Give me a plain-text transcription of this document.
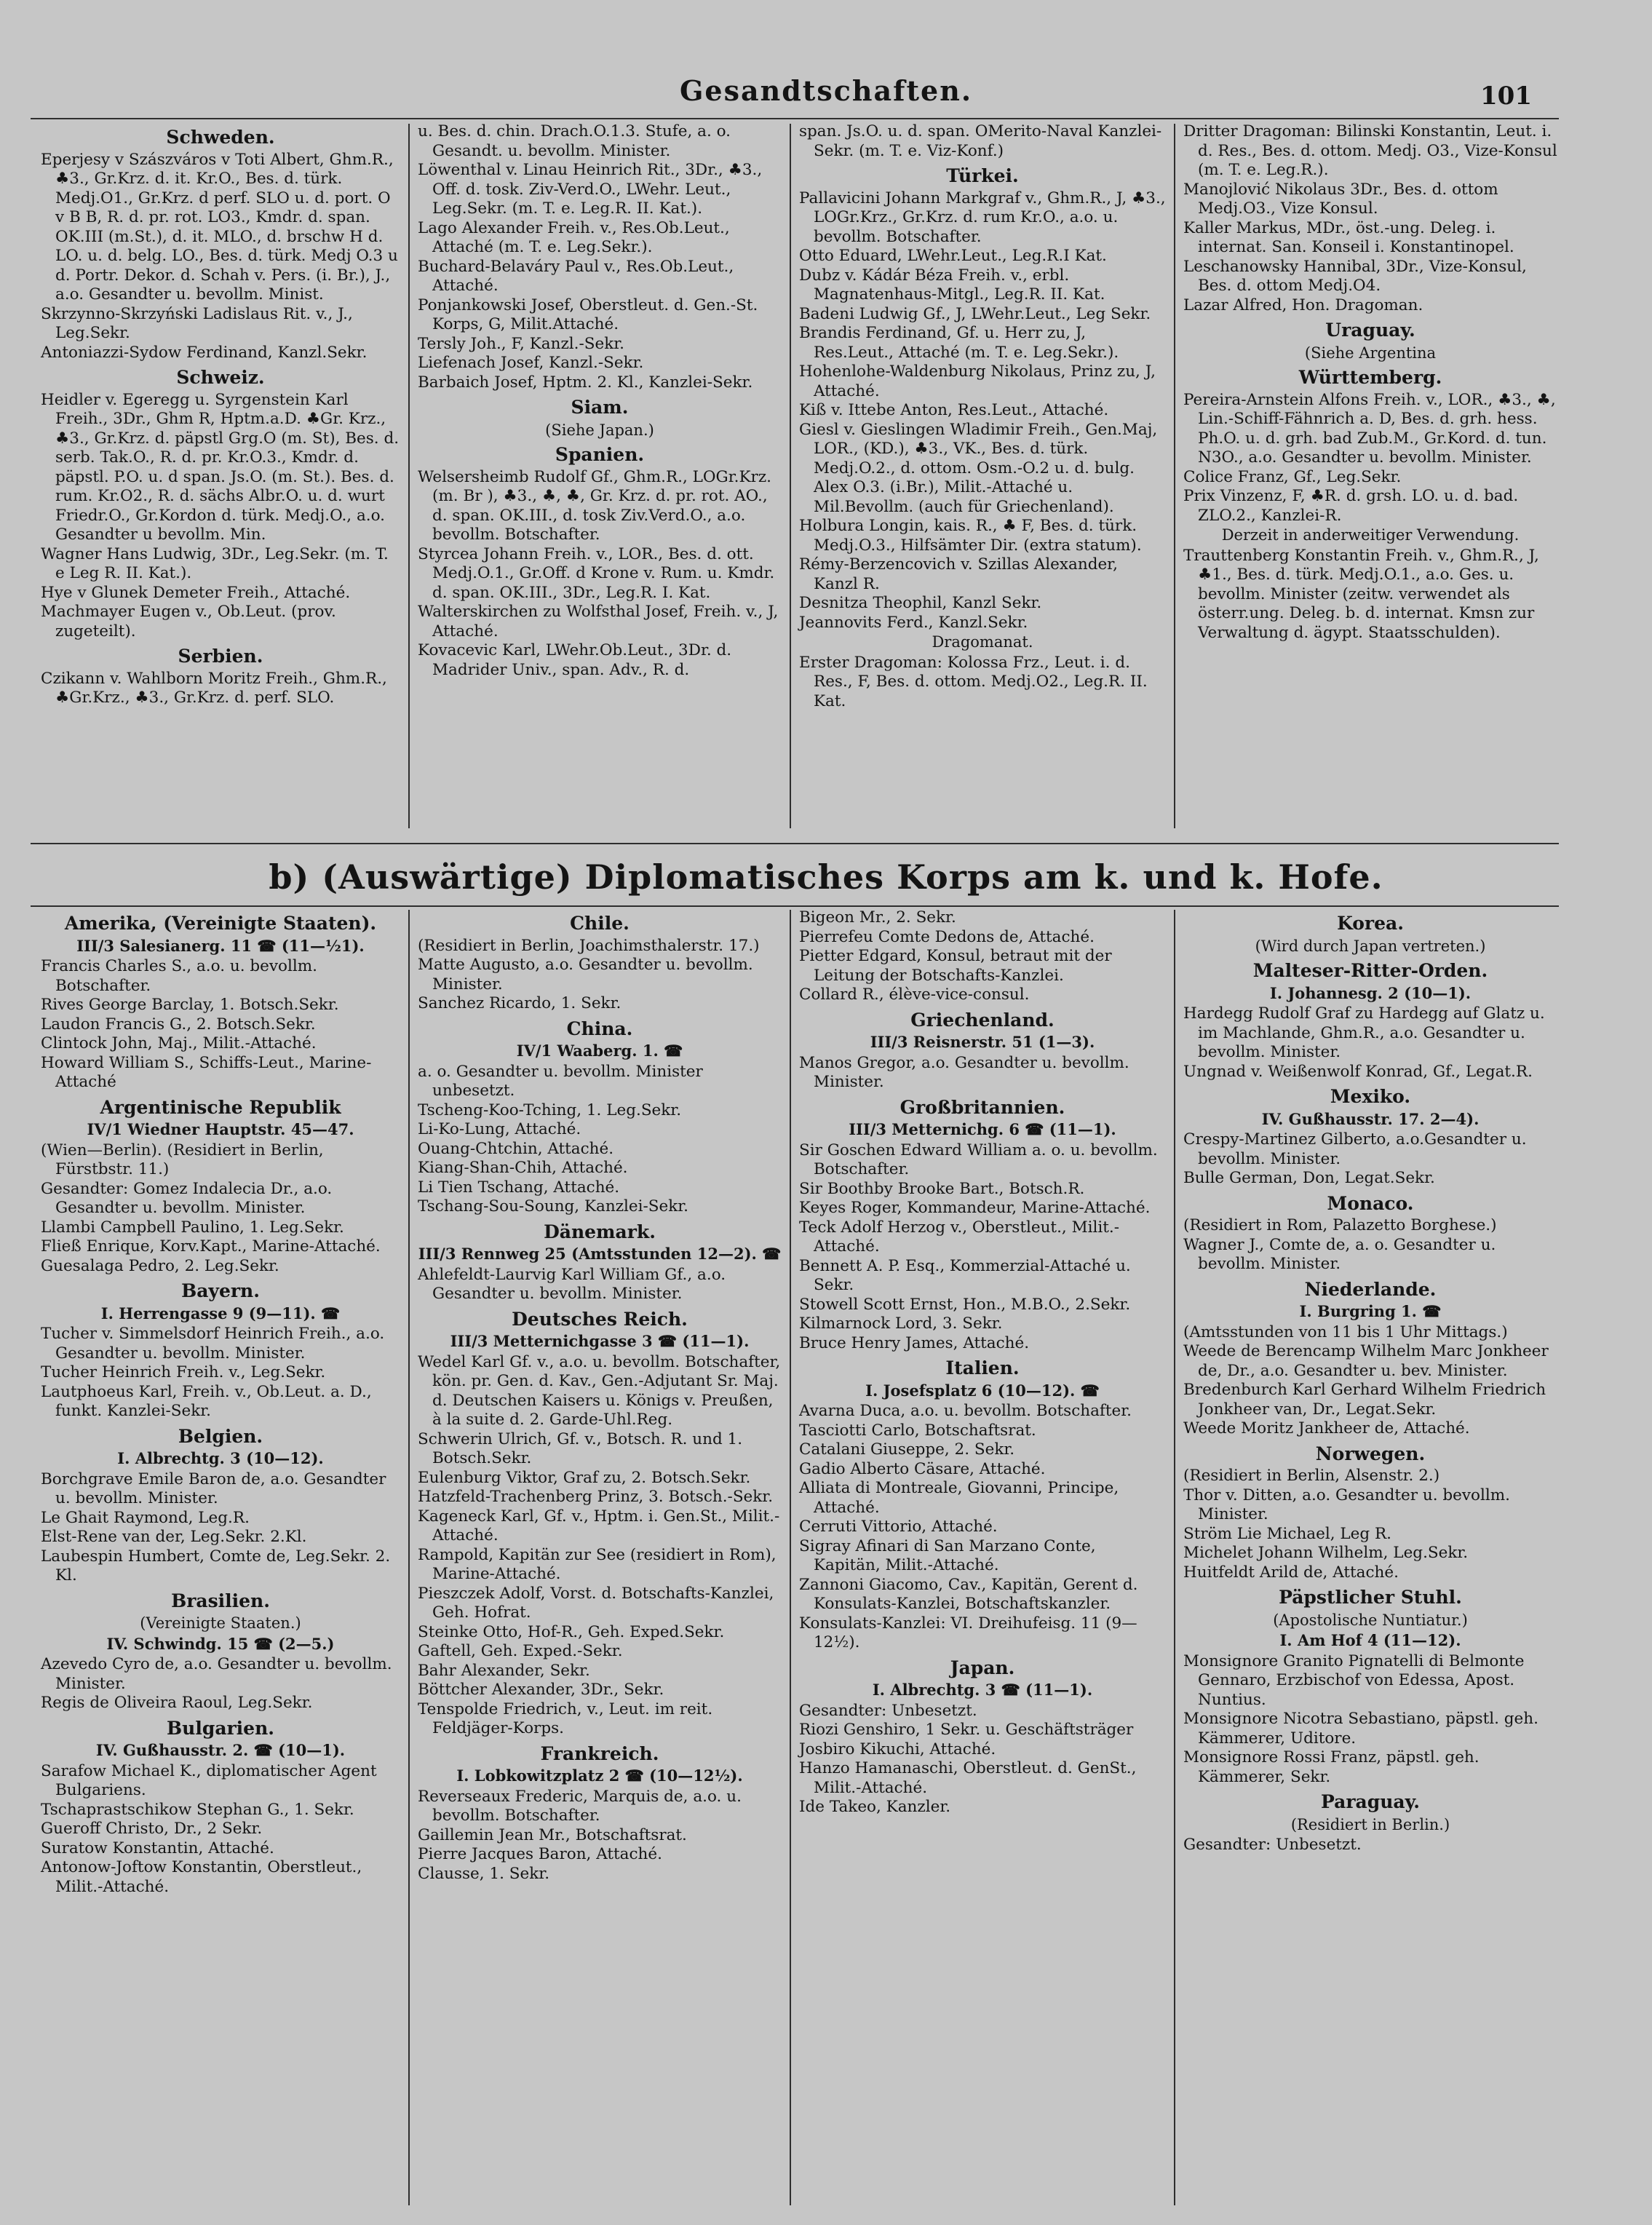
Gesandtschaften.	101
Schweden.
Eperjesy v Szászváros v Toti Albert, Ghm.R., ♣3., Gr.Krz. d. it. Kr.O., Bes. d. türk. Medj.O1., Gr.Krz. d perf. SLO u. d. port. O v B B, R. d. pr. rot. LO3., Kmdr. d. span. OK.III (m.St.), d. it. MLO., d. brschw H d. LO. u. d. belg. LO., Bes. d. türk. Medj O.3 u d. Portr. Dekor. d. Schah v. Pers. (i. Br.), J., a.o. Gesandter u. bevollm. Minist.
Skrzynno-Skrzyński Ladislaus Rit. v., J., Leg.Sekr.
Antoniazzi-Sydow Ferdinand, Kanzl.Sekr.
Schweiz.
Heidler v. Egeregg u. Syrgenstein Karl Freih., 3Dr., Ghm R, Hptm.a.D. ♣Gr. Krz., ♣3., Gr.Krz. d. päpstl Grg.O (m. St), Bes. d. serb. Tak.O., R. d. pr. Kr.O.3., Kmdr. d. päpstl. P.O. u. d span. Js.O. (m. St.). Bes. d. rum. Kr.O2., R. d. sächs Albr.O. u. d. wurt Friedr.O., Gr.Kordon d. türk. Medj.O., a.o. Gesandter u bevollm. Min.
Wagner Hans Ludwig, 3Dr., Leg.Sekr. (m. T. e Leg R. II. Kat.).
Hye v Glunek Demeter Freih., Attaché.
Machmayer Eugen v., Ob.Leut. (prov. zugeteilt).
Serbien.
Czikann v. Wahlborn Moritz Freih., Ghm.R., ♣Gr.Krz., ♣3., Gr.Krz. d. perf. SLO.
u. Bes. d. chin. Drach.O.1.3. Stufe, a. o. Gesandt. u. bevollm. Minister.
Löwenthal v. Linau Heinrich Rit., 3Dr., ♣3., Off. d. tosk. Ziv-Verd.O., LWehr. Leut., Leg.Sekr. (m. T. e. Leg.R. II. Kat.).
Lago Alexander Freih. v., Res.Ob.Leut., Attaché (m. T. e. Leg.Sekr.).
Buchard-Belaváry Paul v., Res.Ob.Leut., Attaché.
Ponjankowski Josef, Oberstleut. d. Gen.-St. Korps, G, Milit.Attaché.
Tersly Joh., F, Kanzl.-Sekr.
Liefenach Josef, Kanzl.-Sekr.
Barbaich Josef, Hptm. 2. Kl., Kanzlei-Sekr.
Siam.
(Siehe Japan.)
Spanien.
Welsersheimb Rudolf Gf., Ghm.R., LOGr.Krz. (m. Br ), ♣3., ♣, ♣, Gr. Krz. d. pr. rot. AO., d. span. OK.III., d. tosk Ziv.Verd.O., a.o. bevollm. Botschafter.
Styrcea Johann Freih. v., LOR., Bes. d. ott. Medj.O.1., Gr.Off. d Krone v. Rum. u. Kmdr. d. span. OK.III., 3Dr., Leg.R. I. Kat.
Walterskirchen zu Wolfsthal Josef, Freih. v., J, Attaché.
Kovacevic Karl, LWehr.Ob.Leut., 3Dr. d. Madrider Univ., span. Adv., R. d.
span. Js.O. u. d. span. OMerito-Naval Kanzlei-Sekr. (m. T. e. Viz-Konf.)
Türkei.
Pallavicini Johann Markgraf v., Ghm.R., J, ♣3., LOGr.Krz., Gr.Krz. d. rum Kr.O., a.o. u. bevollm. Botschafter.
Otto Eduard, LWehr.Leut., Leg.R.I Kat.
Dubz v. Kádár Béza Freih. v., erbl. Magnatenhaus-Mitgl., Leg.R. II. Kat.
Badeni Ludwig Gf., J, LWehr.Leut., Leg Sekr.
Brandis Ferdinand, Gf. u. Herr zu, J, Res.Leut., Attaché (m. T. e. Leg.Sekr.).
Hohenlohe-Waldenburg Nikolaus, Prinz zu, J, Attaché.
Kiß v. Ittebe Anton, Res.Leut., Attaché.
Giesl v. Gieslingen Wladimir Freih., Gen.Maj, LOR., (KD.), ♣3., VK., Bes. d. türk. Medj.O.2., d. ottom. Osm.-O.2 u. d. bulg. Alex O.3. (i.Br.), Milit.-Attaché u. Mil.Bevollm. (auch für Griechenland).
Holbura Longin, kais. R., ♣ F, Bes. d. türk. Medj.O.3., Hilfsämter Dir. (extra statum).
Rémy-Berzencovich v. Szillas Alexander, Kanzl R.
Desnitza Theophil, Kanzl Sekr.
Jeannovits Ferd., Kanzl.Sekr.
Dragomanat.
Erster Dragoman: Kolossa Frz., Leut. i. d. Res., F, Bes. d. ottom. Medj.O2., Leg.R. II. Kat.
Dritter Dragoman: Bilinski Konstantin, Leut. i. d. Res., Bes. d. ottom. Medj. O3., Vize-Konsul (m. T. e. Leg.R.).
Manojlović Nikolaus 3Dr., Bes. d. ottom Medj.O3., Vize Konsul.
Kaller Markus, MDr., öst.-ung. Deleg. i. internat. San. Konseil i. Konstantinopel.
Leschanowsky Hannibal, 3Dr., Vize-Konsul, Bes. d. ottom Medj.O4.
Lazar Alfred, Hon. Dragoman.
Uraguay.
(Siehe Argentina
Württemberg.
Pereira-Arnstein Alfons Freih. v., LOR., ♣3., ♣, Lin.-Schiff-Fähnrich a. D, Bes. d. grh. hess. Ph.O. u. d. grh. bad Zub.M., Gr.Kord. d. tun. N3O., a.o. Gesandter u. bevollm. Minister.
Colice Franz, Gf., Leg.Sekr.
Prix Vinzenz, F, ♣R. d. grsh. LO. u. d. bad. ZLO.2., Kanzlei-R.
Derzeit in anderweitiger Verwendung.
Trauttenberg Konstantin Freih. v., Ghm.R., J, ♣1., Bes. d. türk. Medj.O.1., a.o. Ges. u. bevollm. Minister (zeitw. verwendet als österr.ung. Deleg. b. d. internat. Kmsn zur Verwaltung d. ägypt. Staatsschulden).
b) (Auswärtige) Diplomatisches Korps am k. und k. Hofe.
Amerika, (Vereinigte Staaten).
III/3 Salesianerg. 11 ☎ (11—½1).
Francis Charles S., a.o. u. bevollm. Botschafter.
Rives George Barclay, 1. Botsch.Sekr.
Laudon Francis G., 2. Botsch.Sekr.
Clintock John, Maj., Milit.-Attaché.
Howard William S., Schiffs-Leut., Marine-Attaché
Argentinische Republik
IV/1 Wiedner Hauptstr. 45—47.
(Wien—Berlin). (Residiert in Berlin, Fürstbstr. 11.)
Gesandter: Gomez Indalecia Dr., a.o. Gesandter u. bevollm. Minister.
Llambi Campbell Paulino, 1. Leg.Sekr.
Fließ Enrique, Korv.Kapt., Marine-Attaché.
Guesalaga Pedro, 2. Leg.Sekr.
Bayern.
I. Herrengasse 9 (9—11). ☎
Tucher v. Simmelsdorf Heinrich Freih., a.o. Gesandter u. bevollm. Minister.
Tucher Heinrich Freih. v., Leg.Sekr.
Lautphoeus Karl, Freih. v., Ob.Leut. a. D., funkt. Kanzlei-Sekr.
Belgien.
I. Albrechtg. 3 (10—12).
Borchgrave Emile Baron de, a.o. Gesandter u. bevollm. Minister.
Le Ghait Raymond, Leg.R.
Elst-Rene van der, Leg.Sekr. 2.Kl.
Laubespin Humbert, Comte de, Leg.Sekr. 2. Kl.
Brasilien.
(Vereinigte Staaten.)
IV. Schwindg. 15 ☎ (2—5.)
Azevedo Cyro de, a.o. Gesandter u. bevollm. Minister.
Regis de Oliveira Raoul, Leg.Sekr.
Bulgarien.
IV. Gußhausstr. 2. ☎ (10—1).
Sarafow Michael K., diplomatischer Agent Bulgariens.
Tschaprastschikow Stephan G., 1. Sekr.
Gueroff Christo, Dr., 2 Sekr.
Suratow Konstantin, Attaché.
Antonow-Joftow Konstantin, Oberstleut., Milit.-Attaché.
Chile.
(Residiert in Berlin, Joachimsthalerstr. 17.)
Matte Augusto, a.o. Gesandter u. bevollm. Minister.
Sanchez Ricardo, 1. Sekr.
China.
IV/1 Waaberg. 1. ☎
a. o. Gesandter u. bevollm. Minister unbesetzt.
Tscheng-Koo-Tching, 1. Leg.Sekr.
Li-Ko-Lung, Attaché.
Ouang-Chtchin, Attaché.
Kiang-Shan-Chih, Attaché.
Li Tien Tschang, Attaché.
Tschang-Sou-Soung, Kanzlei-Sekr.
Dänemark.
III/3 Rennweg 25 (Amtsstunden 12—2). ☎
Ahlefeldt-Laurvig Karl William Gf., a.o. Gesandter u. bevollm. Minister.
Deutsches Reich.
III/3 Metternichgasse 3 ☎ (11—1).
Wedel Karl Gf. v., a.o. u. bevollm. Botschafter, kön. pr. Gen. d. Kav., Gen.-Adjutant Sr. Maj. d. Deutschen Kaisers u. Königs v. Preußen, à la suite d. 2. Garde-Uhl.Reg.
Schwerin Ulrich, Gf. v., Botsch. R. und 1. Botsch.Sekr.
Eulenburg Viktor, Graf zu, 2. Botsch.Sekr.
Hatzfeld-Trachenberg Prinz, 3. Botsch.-Sekr.
Kageneck Karl, Gf. v., Hptm. i. Gen.St., Milit.-Attaché.
Rampold, Kapitän zur See (residiert in Rom), Marine-Attaché.
Pieszczek Adolf, Vorst. d. Botschafts-Kanzlei, Geh. Hofrat.
Steinke Otto, Hof-R., Geh. Exped.Sekr.
Gaftell, Geh. Exped.-Sekr.
Bahr Alexander, Sekr.
Böttcher Alexander, 3Dr., Sekr.
Tenspolde Friedrich, v., Leut. im reit. Feldjäger-Korps.
Frankreich.
I. Lobkowitzplatz 2 ☎ (10—12½).
Reverseaux Frederic, Marquis de, a.o. u. bevollm. Botschafter.
Gaillemin Jean Mr., Botschaftsrat.
Pierre Jacques Baron, Attaché.
Clausse, 1. Sekr.
Bigeon Mr., 2. Sekr.
Pierrefeu Comte Dedons de, Attaché.
Pietter Edgard, Konsul, betraut mit der Leitung der Botschafts-Kanzlei.
Collard R., élève-vice-consul.
Griechenland.
III/3 Reisnerstr. 51 (1—3).
Manos Gregor, a.o. Gesandter u. bevollm. Minister.
Großbritannien.
III/3 Metternichg. 6 ☎ (11—1).
Sir Goschen Edward William a. o. u. bevollm. Botschafter.
Sir Boothby Brooke Bart., Botsch.R.
Keyes Roger, Kommandeur, Marine-Attaché.
Teck Adolf Herzog v., Oberstleut., Milit.-Attaché.
Bennett A. P. Esq., Kommerzial-Attaché u. Sekr.
Stowell Scott Ernst, Hon., M.B.O., 2.Sekr.
Kilmarnock Lord, 3. Sekr.
Bruce Henry James, Attaché.
Italien.
I. Josefsplatz 6 (10—12). ☎
Avarna Duca, a.o. u. bevollm. Botschafter.
Tasciotti Carlo, Botschaftsrat.
Catalani Giuseppe, 2. Sekr.
Gadio Alberto Cäsare, Attaché.
Alliata di Montreale, Giovanni, Principe, Attaché.
Cerruti Vittorio, Attaché.
Sigray Afinari di San Marzano Conte, Kapitän, Milit.-Attaché.
Zannoni Giacomo, Cav., Kapitän, Gerent d. Konsulats-Kanzlei, Botschaftskanzler.
Konsulats-Kanzlei: VI. Dreihufeisg. 11 (9—12½).
Japan.
I. Albrechtg. 3 ☎ (11—1).
Gesandter: Unbesetzt.
Riozi Genshiro, 1 Sekr. u. Geschäftsträger
Josbiro Kikuchi, Attaché.
Hanzo Hamanaschi, Oberstleut. d. GenSt., Milit.-Attaché.
Ide Takeo, Kanzler.
Korea.
(Wird durch Japan vertreten.)
Malteser-Ritter-Orden.
I. Johannesg. 2 (10—1).
Hardegg Rudolf Graf zu Hardegg auf Glatz u. im Machlande, Ghm.R., a.o. Gesandter u. bevollm. Minister.
Ungnad v. Weißenwolf Konrad, Gf., Legat.R.
Mexiko.
IV. Gußhausstr. 17. 2—4).
Crespy-Martinez Gilberto, a.o.Gesandter u. bevollm. Minister.
Bulle German, Don, Legat.Sekr.
Monaco.
(Residiert in Rom, Palazetto Borghese.)
Wagner J., Comte de, a. o. Gesandter u. bevollm. Minister.
Niederlande.
I. Burgring 1. ☎
(Amtsstunden von 11 bis 1 Uhr Mittags.)
Weede de Berencamp Wilhelm Marc Jonkheer de, Dr., a.o. Gesandter u. bev. Minister.
Bredenburch Karl Gerhard Wilhelm Friedrich Jonkheer van, Dr., Legat.Sekr.
Weede Moritz Jankheer de, Attaché.
Norwegen.
(Residiert in Berlin, Alsenstr. 2.)
Thor v. Ditten, a.o. Gesandter u. bevollm. Minister.
Ström Lie Michael, Leg R.
Michelet Johann Wilhelm, Leg.Sekr.
Huitfeldt Arild de, Attaché.
Päpstlicher Stuhl.
(Apostolische Nuntiatur.)
I. Am Hof 4 (11—12).
Monsignore Granito Pignatelli di Belmonte Gennaro, Erzbischof von Edessa, Apost. Nuntius.
Monsignore Nicotra Sebastiano, päpstl. geh. Kämmerer, Uditore.
Monsignore Rossi Franz, päpstl. geh. Kämmerer, Sekr.
Paraguay.
(Residiert in Berlin.)
Gesandter: Unbesetzt.
